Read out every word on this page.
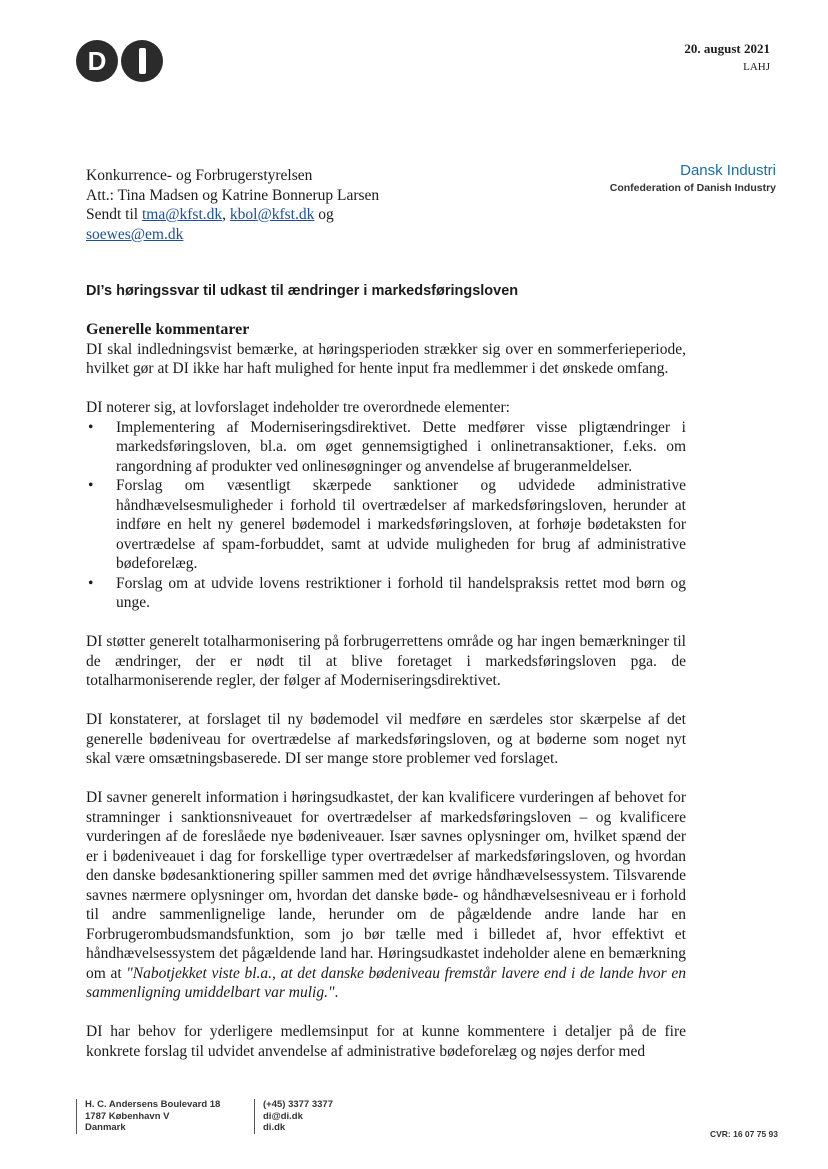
D	20. august 2021
LAHJ
Dansk Industri
Confederation of Danish Industry
Konkurrence- og Forbrugerstyrelsen
Att.: Tina Madsen og Katrine Bonnerup Larsen
Sendt til tma@kfst.dk, kbol@kfst.dk og soewes@em.dk
DI’s høringssvar til udkast til ændringer i markedsføringsloven
Generelle kommentarer

DI skal indledningsvist bemærke, at høringsperioden strækker sig over en sommerferieperiode, hvilket gør at DI ikke har haft mulighed for hente input fra medlemmer i det ønskede omfang.

DI noterer sig, at lovforslaget indeholder tre overordnede elementer:

• Implementering af Moderniseringsdirektivet. Dette medfører visse pligtændringer i markedsføringsloven, bl.a. om øget gennemsigtighed i onlinetransaktioner, f.eks. om rangordning af produkter ved onlinesøgninger og anvendelse af brugeranmeldelser.
• Forslag om væsentligt skærpede sanktioner og udvidede administrative håndhævelsesmuligheder i forhold til overtrædelser af markedsføringsloven, herunder at indføre en helt ny generel bødemodel i markedsføringsloven, at forhøje bødetaksten for overtrædelse af spam-forbuddet, samt at udvide muligheden for brug af administrative bødeforelæg.
• Forslag om at udvide lovens restriktioner i forhold til handelspraksis rettet mod børn og unge.

DI støtter generelt totalharmonisering på forbrugerrettens område og har ingen bemærkninger til de ændringer, der er nødt til at blive foretaget i markedsføringsloven pga. de totalharmoniserende regler, der følger af Moderniseringsdirektivet.

DI konstaterer, at forslaget til ny bødemodel vil medføre en særdeles stor skærpelse af det generelle bødeniveau for overtrædelse af markedsføringsloven, og at bøderne som noget nyt skal være omsætningsbaserede. DI ser mange store problemer ved forslaget.

DI savner generelt information i høringsudkastet, der kan kvalificere vurderingen af behovet for stramninger i sanktionsniveauet for overtrædelser af markedsføringsloven – og kvalificere vurderingen af de foreslåede nye bødeniveauer. Især savnes oplysninger om, hvilket spænd der er i bødeniveauet i dag for forskellige typer overtrædelser af markedsføringsloven, og hvordan den danske bødesanktionering spiller sammen med det øvrige håndhævelsessystem. Tilsvarende savnes nærmere oplysninger om, hvordan det danske bøde- og håndhævelsesniveau er i forhold til andre sammenlignelige lande, herunder om de pågældende andre lande har en Forbrugerombudsmandsfunktion, som jo bør tælle med i billedet af, hvor effektivt et håndhævelsessystem det pågældende land har. Høringsudkastet indeholder alene en bemærkning om at "Nabotjekket viste bl.a., at det danske bødeniveau fremstår lavere end i de lande hvor en sammenligning umiddelbart var mulig.".

DI har behov for yderligere medlemsinput for at kunne kommentere i detaljer på de fire konkrete forslag til udvidet anvendelse af administrative bødeforelæg og nøjes derfor med

H. C. Andersens Boulevard 18
1787 København V
Danmark
(+45) 3377 3377
di@di.dk
di.dk
CVR: 16 07 75 93
